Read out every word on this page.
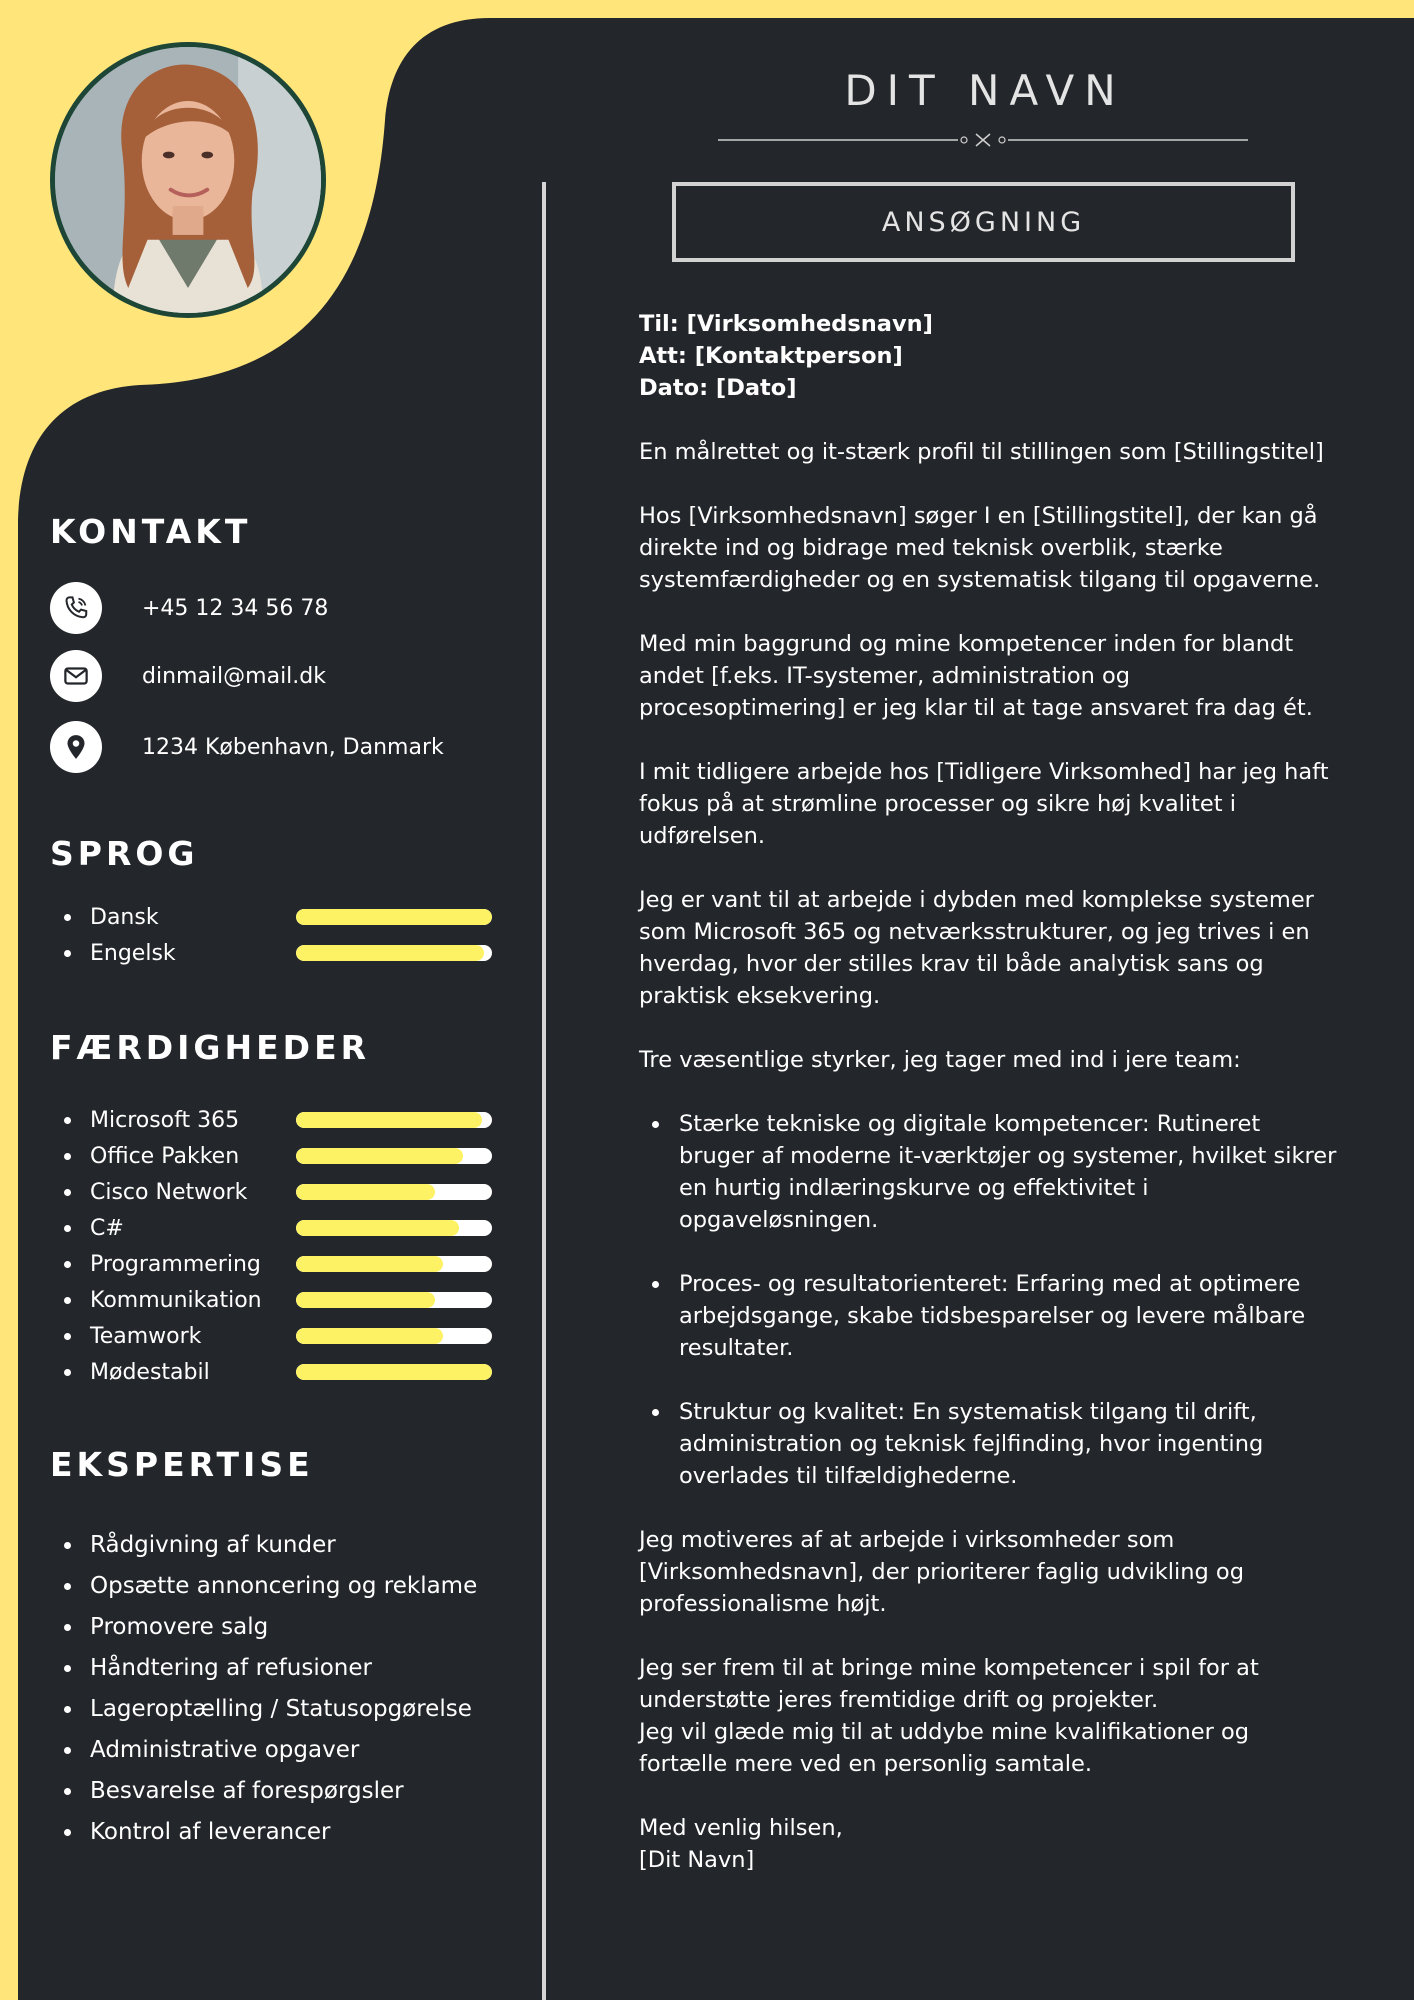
KONTAKT
+45 12 34 56 78
dinmail@mail.dk
1234 København, Danmark
SPROG
Dansk
Engelsk
FÆRDIGHEDER
Microsoft 365
Office Pakken
Cisco Network
C#
Programmering
Kommunikation
Teamwork
Mødestabil
EKSPERTISE
Rådgivning af kunder
Opsætte annoncering og reklame
Promovere salg
Håndtering af refusioner
Lageroptælling / Statusopgørelse
Administrative opgaver
Besvarelse af forespørgsler
Kontrol af leverancer
DIT NAVN
ANSØGNING

Til: [Virksomhedsnavn]

Att: [Kontaktperson]

Dato: [Dato]

En målrettet og it-stærk profil til stillingen som [Stillingstitel]

Hos [Virksomhedsnavn] søger I en [Stillingstitel], der kan gå direkte ind og bidrage med teknisk overblik, stærke systemfærdigheder og en systematisk tilgang til opgaverne.

Med min baggrund og mine kompetencer inden for blandt andet [f.eks. IT-systemer, administration og procesoptimering] er jeg klar til at tage ansvaret fra dag ét.

I mit tidligere arbejde hos [Tidligere Virksomhed] har jeg haft fokus på at strømline processer og sikre høj kvalitet i udførelsen.

Jeg er vant til at arbejde i dybden med komplekse systemer som Microsoft 365 og netværksstrukturer, og jeg trives i en hverdag, hvor der stilles krav til både analytisk sans og praktisk eksekvering.

Tre væsentlige styrker, jeg tager med ind i jere team:

Stærke tekniske og digitale kompetencer: Rutineret bruger af moderne it-værktøjer og systemer, hvilket sikrer en hurtig indlæringskurve og effektivitet i opgaveløsningen.
Proces- og resultatorienteret: Erfaring med at optimere arbejdsgange, skabe tidsbesparelser og levere målbare resultater.
Struktur og kvalitet: En systematisk tilgang til drift, administration og teknisk fejlfinding, hvor ingenting overlades til tilfældighederne.

Jeg motiveres af at arbejde i virksomheder som [Virksomhedsnavn], der prioriterer faglig udvikling og professionalisme højt.

Jeg ser frem til at bringe mine kompetencer i spil for at understøtte jeres fremtidige drift og projekter.

Jeg vil glæde mig til at uddybe mine kvalifikationer og fortælle mere ved en personlig samtale.

Med venlig hilsen,

[Dit Navn]
